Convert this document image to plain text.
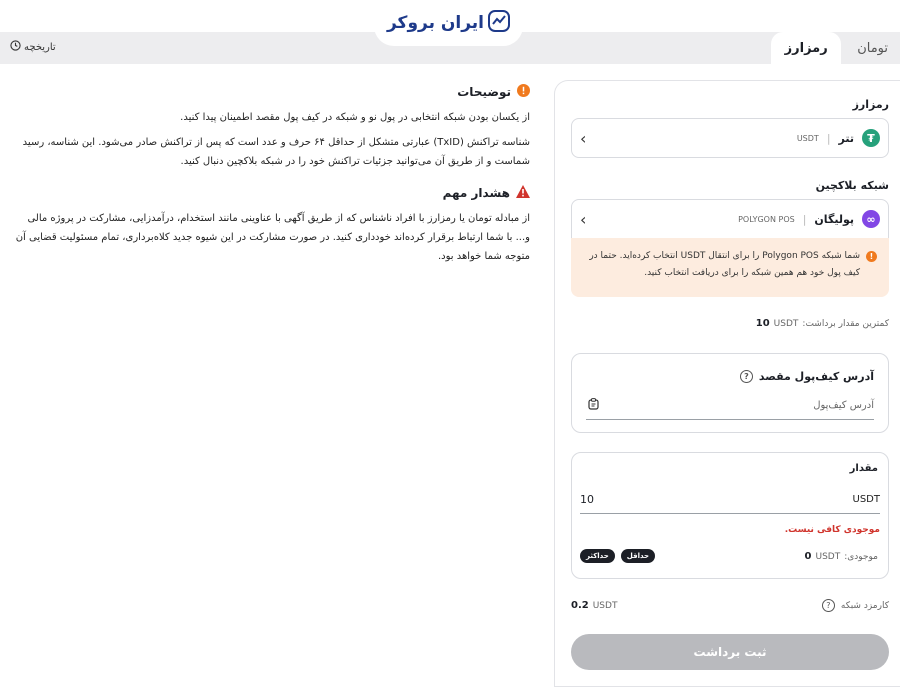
ایران بروکر
تاریخچه	رمزارز	تومان
توضیحات

از یکسان بودن شبکه انتخابی در پول نو و شبکه در کیف پول مقصد اطمینان پیدا کنید.

شناسه تراکنش (TxID) عبارتی متشکل از حداقل ۶۴ حرف و عدد است که پس از تراکنش صادر می‌شود. این شناسه، رسید شماست و از طریق آن می‌توانید جزئیات تراکنش خود را در شبکه بلاکچین دنبال کنید.

هشدار مهم

از مبادله تومان یا رمزارز با افراد ناشناس که از طریق آگهی با عناوینی مانند استخدام، درآمدزایی، مشارکت در پروژه مالی و... با شما ارتباط برقرار کرده‌اند خودداری کنید. در صورت مشارکت در این شیوه جدید کلاه‌برداری، تمام مسئولیت قضایی آن متوجه شما خواهد بود.

رمزارز
‹	₮
تتر
|
USDT
شبکه بلاکچین
‹	∞
پولیگان
|
POLYGON POS
!

شما شبکه Polygon POS را برای انتقال USDT انتخاب کرده‌اید. حتما در کیف پول خود هم همین شبکه را برای دریافت انتخاب کنید.

کمترین مقدار برداشت:
USDT
10
آدرس کیف‌پول مقصد
?
آدرس کیف‌پول
مقدار
10	USDT
موجودی کافی نیست.
حداکثر	حداقل	موجودی:
USDT
0
0.2 USDT	کارمزد شبکه
?
ثبت برداشت
